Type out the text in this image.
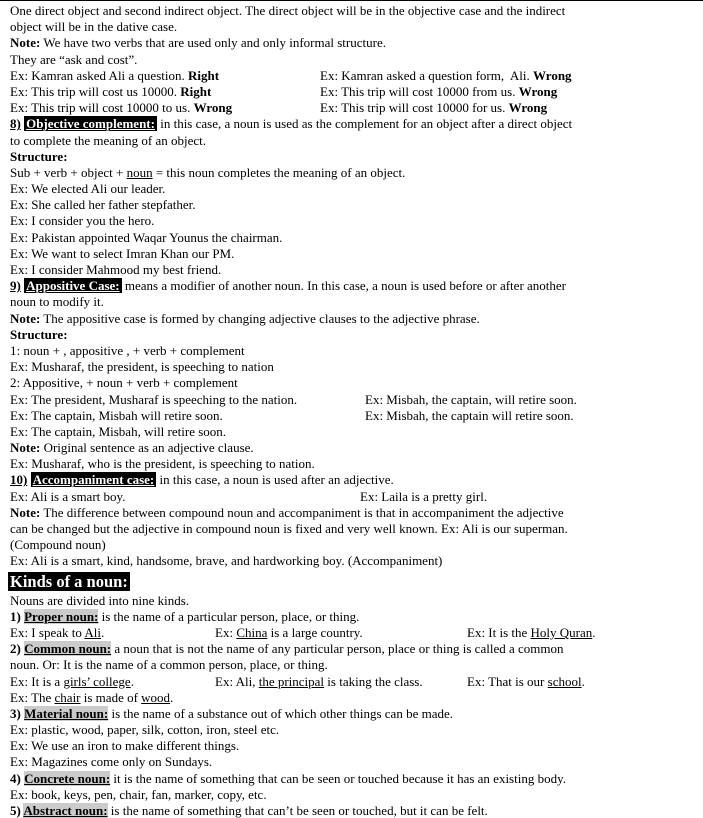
One direct object and second indirect object. The direct object will be in the objective case and the indirect
object will be in the dative case.
Note: We have two verbs that are used only and only informal structure.
They are “ask and cost”.
Ex: Kamran asked Ali a question. Right	Ex: Kamran asked a question form,  Ali. Wrong
Ex: This trip will cost us 10000. Right	Ex: This trip will cost 10000 from us. Wrong
Ex: This trip will cost 10000 to us. Wrong	Ex: This trip will cost 10000 for us. Wrong
8) Objective complement: in this case, a noun is used as the complement for an object after a direct object
to complete the meaning of an object.
Structure:
Sub + verb + object + noun = this noun completes the meaning of an object.
Ex: We elected Ali our leader.
Ex: She called her father stepfather.
Ex: I consider you the hero.
Ex: Pakistan appointed Waqar Younus the chairman.
Ex: We want to select Imran Khan our PM.
Ex: I consider Mahmood my best friend.
9) Appositive Case: means a modifier of another noun. In this case, a noun is used before or after another
noun to modify it.
Note: The appositive case is formed by changing adjective clauses to the adjective phrase.
Structure:
1: noun + , appositive , + verb + complement
Ex: Musharaf, the president, is speeching to nation
2: Appositive, + noun + verb + complement
Ex: The president, Musharaf is speeching to the nation.	Ex: Misbah, the captain, will retire soon.
Ex: The captain, Misbah will retire soon.	Ex: Misbah, the captain will retire soon.
Ex: The captain, Misbah, will retire soon.
Note: Original sentence as an adjective clause.
Ex: Musharaf, who is the president, is speeching to nation.
10) Accompaniment case: in this case, a noun is used after an adjective.
Ex: Ali is a smart boy.	Ex: Laila is a pretty girl.
Note: The difference between compound noun and accompaniment is that in accompaniment the adjective
can be changed but the adjective in compound noun is fixed and very well known. Ex: Ali is our superman.
(Compound noun)
Ex: Ali is a smart, kind, handsome, brave, and hardworking boy. (Accompaniment)
Kinds of a noun:
Nouns are divided into nine kinds.
1) Proper noun: is the name of a particular person, place, or thing.
Ex: I speak to Ali.	Ex: China is a large country.	Ex: It is the Holy Quran.
2) Common noun: a noun that is not the name of any particular person, place or thing is called a common
noun. Or: It is the name of a common person, place, or thing.
Ex: It is a girls’ college.	Ex: Ali, the principal is taking the class.	Ex: That is our school.
Ex: The chair is made of wood.
3) Material noun: is the name of a substance out of which other things can be made.
Ex: plastic, wood, paper, silk, cotton, iron, steel etc.
Ex: We use an iron to make different things.
Ex: Magazines come only on Sundays.
4) Concrete noun: it is the name of something that can be seen or touched because it has an existing body.
Ex: book, keys, pen, chair, fan, marker, copy, etc.
5) Abstract noun: is the name of something that can’t be seen or touched, but it can be felt.
